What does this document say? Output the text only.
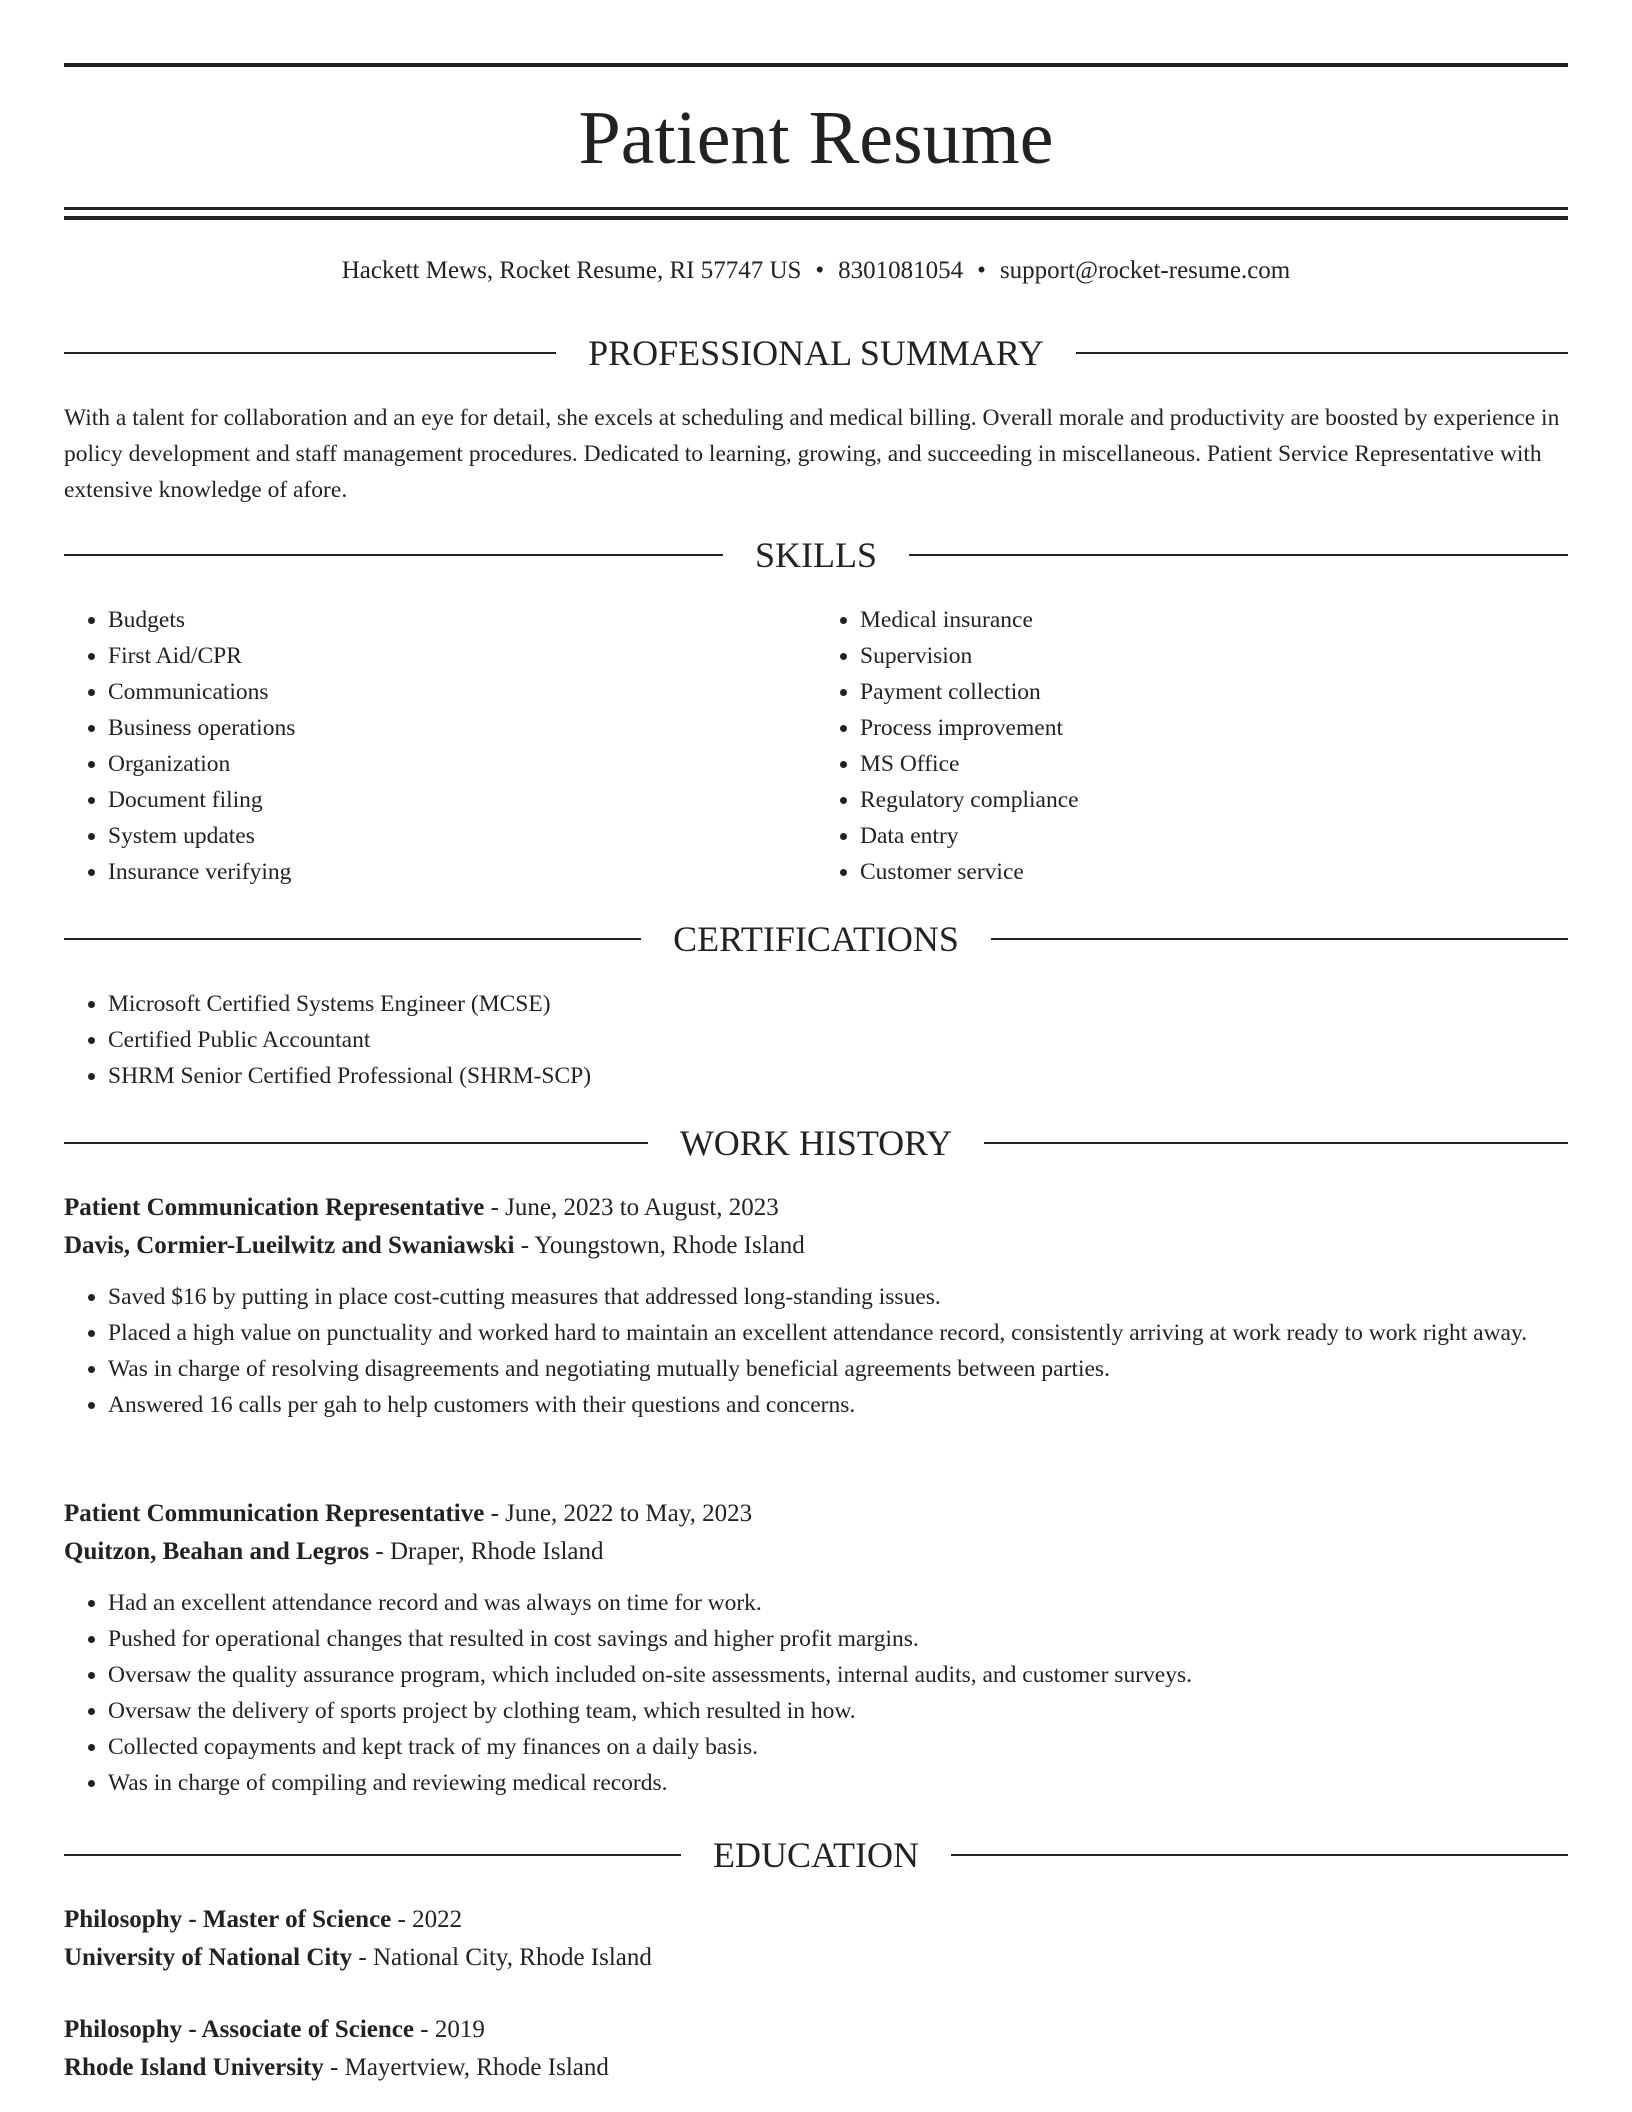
Patient Resume
Hackett Mews, Rocket Resume, RI 57747 US • 8301081054 • support@rocket-resume.com
PROFESSIONAL SUMMARY

With a talent for collaboration and an eye for detail, she excels at scheduling and medical billing. Overall morale and productivity are boosted by experience in policy development and staff management procedures. Dedicated to learning, growing, and succeeding in miscellaneous. Patient Service Representative with extensive knowledge of afore.

SKILLS
• Budgets
• First Aid/CPR
• Communications
• Business operations
• Organization
• Document filing
• System updates
• Insurance verifying
• Medical insurance
• Supervision
• Payment collection
• Process improvement
• MS Office
• Regulatory compliance
• Data entry
• Customer service
CERTIFICATIONS
• Microsoft Certified Systems Engineer (MCSE)
• Certified Public Accountant
• SHRM Senior Certified Professional (SHRM-SCP)
WORK HISTORY
Patient Communication Representative - June, 2023 to August, 2023
Davis, Cormier-Lueilwitz and Swaniawski - Youngstown, Rhode Island
• Saved $16 by putting in place cost-cutting measures that addressed long-standing issues.
• Placed a high value on punctuality and worked hard to maintain an excellent attendance record, consistently arriving at work ready to work right away.
• Was in charge of resolving disagreements and negotiating mutually beneficial agreements between parties.
• Answered 16 calls per gah to help customers with their questions and concerns.
Patient Communication Representative - June, 2022 to May, 2023
Quitzon, Beahan and Legros - Draper, Rhode Island
• Had an excellent attendance record and was always on time for work.
• Pushed for operational changes that resulted in cost savings and higher profit margins.
• Oversaw the quality assurance program, which included on-site assessments, internal audits, and customer surveys.
• Oversaw the delivery of sports project by clothing team, which resulted in how.
• Collected copayments and kept track of my finances on a daily basis.
• Was in charge of compiling and reviewing medical records.
EDUCATION
Philosophy - Master of Science - 2022
University of National City - National City, Rhode Island
Philosophy - Associate of Science - 2019
Rhode Island University - Mayertview, Rhode Island
